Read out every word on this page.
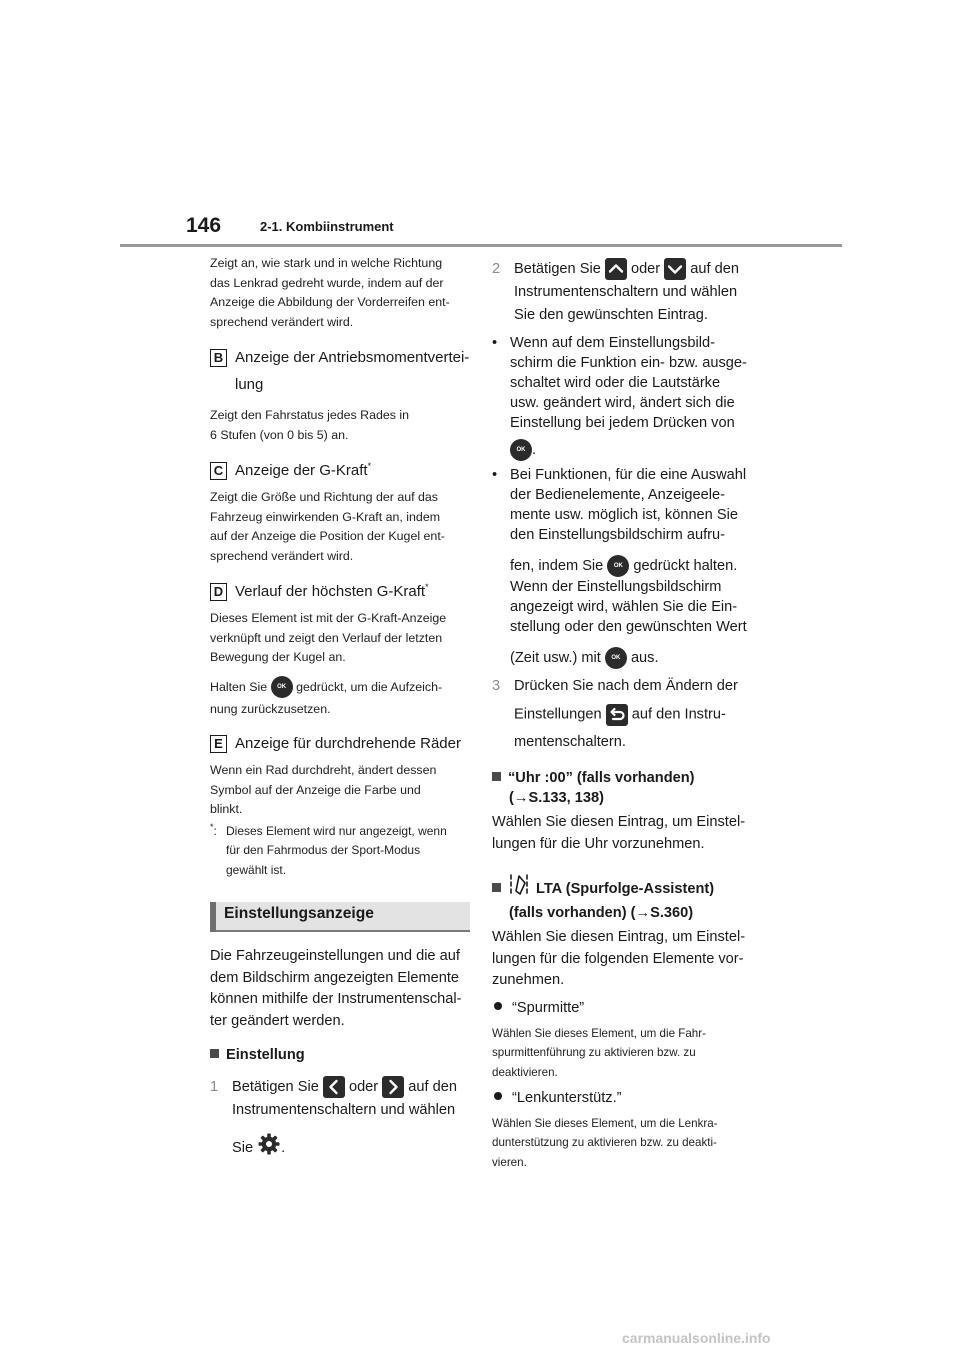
146	2-1. Kombiinstrument

Zeigt an, wie stark und in welche Richtung
das Lenkrad gedreht wurde, indem auf der
Anzeige die Abbildung der Vorderreifen ent-
sprechend verändert wird.

B Anzeige der Antriebsmomentvertei-
lung

Zeigt den Fahrstatus jedes Rades in
6 Stufen (von 0 bis 5) an.

C Anzeige der G-Kraft*

Zeigt die Größe und Richtung der auf das
Fahrzeug einwirkenden G-Kraft an, indem
auf der Anzeige die Position der Kugel ent-
sprechend verändert wird.

D Verlauf der höchsten G-Kraft*

Dieses Element ist mit der G-Kraft-Anzeige
verknüpft und zeigt den Verlauf der letzten
Bewegung der Kugel an.

Halten Sie OK gedrückt, um die Aufzeich-
nung zurückzusetzen.

E Anzeige für durchdrehende Räder

Wenn ein Rad durchdreht, ändert dessen
Symbol auf der Anzeige die Farbe und
blinkt.

*: Dieses Element wird nur angezeigt, wenn
für den Fahrmodus der Sport-Modus
gewählt ist.
Einstellungsanzeige

Die Fahrzeugeinstellungen und die auf
dem Bildschirm angezeigten Elemente
können mithilfe der Instrumentenschal-
ter geändert werden.

Einstellung

1 Betätigen Sie oder auf den
Instrumentenschaltern und wählen
Sie .

2 Betätigen Sie oder auf den
Instrumentenschaltern und wählen
Sie den gewünschten Eintrag.

• Wenn auf dem Einstellungsbild-
schirm die Funktion ein- bzw. ausge-
schaltet wird oder die Lautstärke
usw. geändert wird, ändert sich die
Einstellung bei jedem Drücken von
OK .
• Bei Funktionen, für die eine Auswahl
der Bedienelemente, Anzeigeele-
mente usw. möglich ist, können Sie
den Einstellungsbildschirm aufru-
fen, indem Sie OK gedrückt halten.
Wenn der Einstellungsbildschirm
angezeigt wird, wählen Sie die Ein-
stellung oder den gewünschten Wert
(Zeit usw.) mit OK aus.

3 Drücken Sie nach dem Ändern der
Einstellungen auf den Instru-
mentenschaltern.

“Uhr :00” (falls vorhanden)
(→S.133, 138)

Wählen Sie diesen Eintrag, um Einstel-
lungen für die Uhr vorzunehmen.

LTA (Spurfolge-Assistent)
(falls vorhanden) (→S.360)

Wählen Sie diesen Eintrag, um Einstel-
lungen für die folgenden Elemente vor-
zunehmen.

“Spurmitte”

Wählen Sie dieses Element, um die Fahr-
spurmittenführung zu aktivieren bzw. zu
deaktivieren.

“Lenkunterstütz.”

Wählen Sie dieses Element, um die Lenkra-
dunterstützung zu aktivieren bzw. zu deakti-
vieren.

carmanualsonline.info
